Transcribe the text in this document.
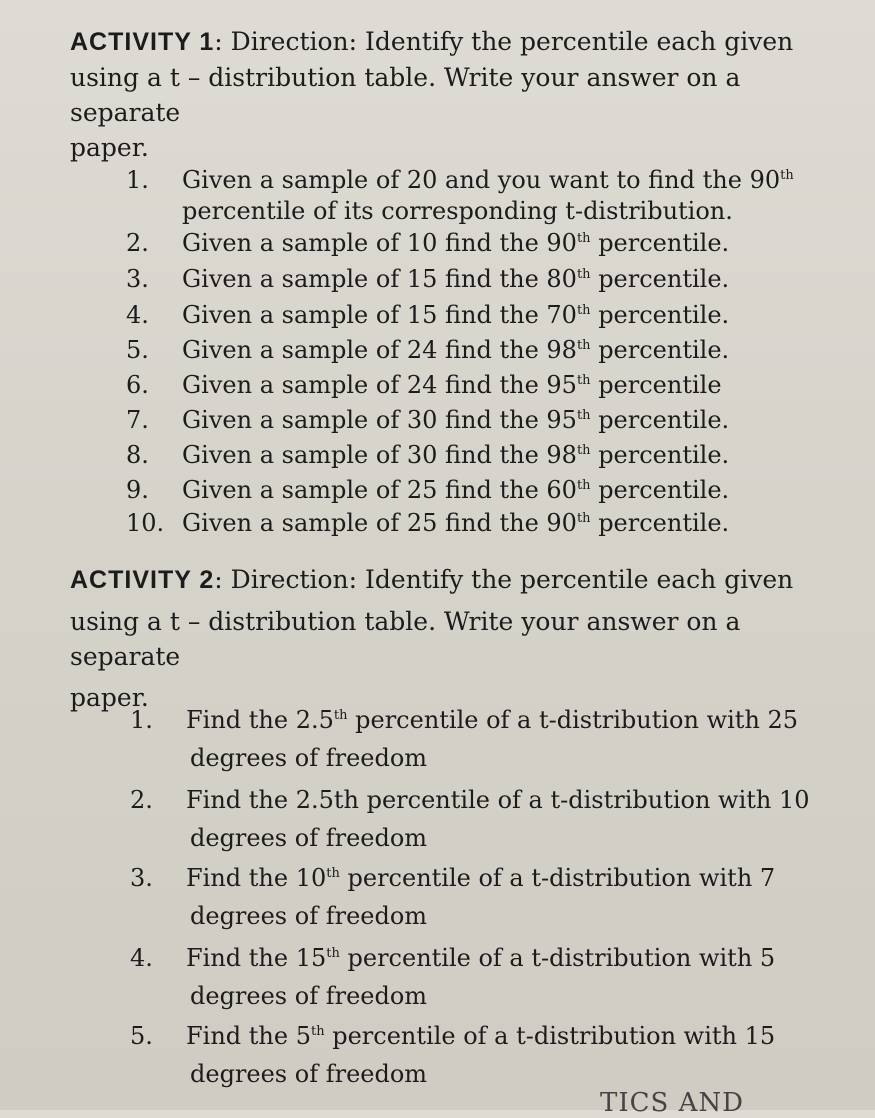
ACTIVITY 1: Direction: Identify the percentile each given
using a t – distribution table. Write your answer on a separate
paper.
1. Given a sample of 20 and you want to find the 90th
percentile of its corresponding t-distribution.
2. Given a sample of 10 find the 90th percentile.
3. Given a sample of 15 find the 80th percentile.
4. Given a sample of 15 find the 70th percentile.
5. Given a sample of 24 find the 98th percentile.
6. Given a sample of 24 find the 95th percentile
7. Given a sample of 30 find the 95th percentile.
8. Given a sample of 30 find the 98th percentile.
9. Given a sample of 25 find the 60th percentile.
10. Given a sample of 25 find the 90th percentile.
ACTIVITY 2: Direction: Identify the percentile each given
using a t – distribution table. Write your answer on a separate
paper.
1. Find the 2.5th percentile of a t-distribution with 25
degrees of freedom
2. Find the 2.5th percentile of a t-distribution with 10
degrees of freedom
3. Find the 10th percentile of a t-distribution with 7
degrees of freedom
4. Find the 15th percentile of a t-distribution with 5
degrees of freedom
5. Find the 5th percentile of a t-distribution with 15
degrees of freedom
TICS AND
